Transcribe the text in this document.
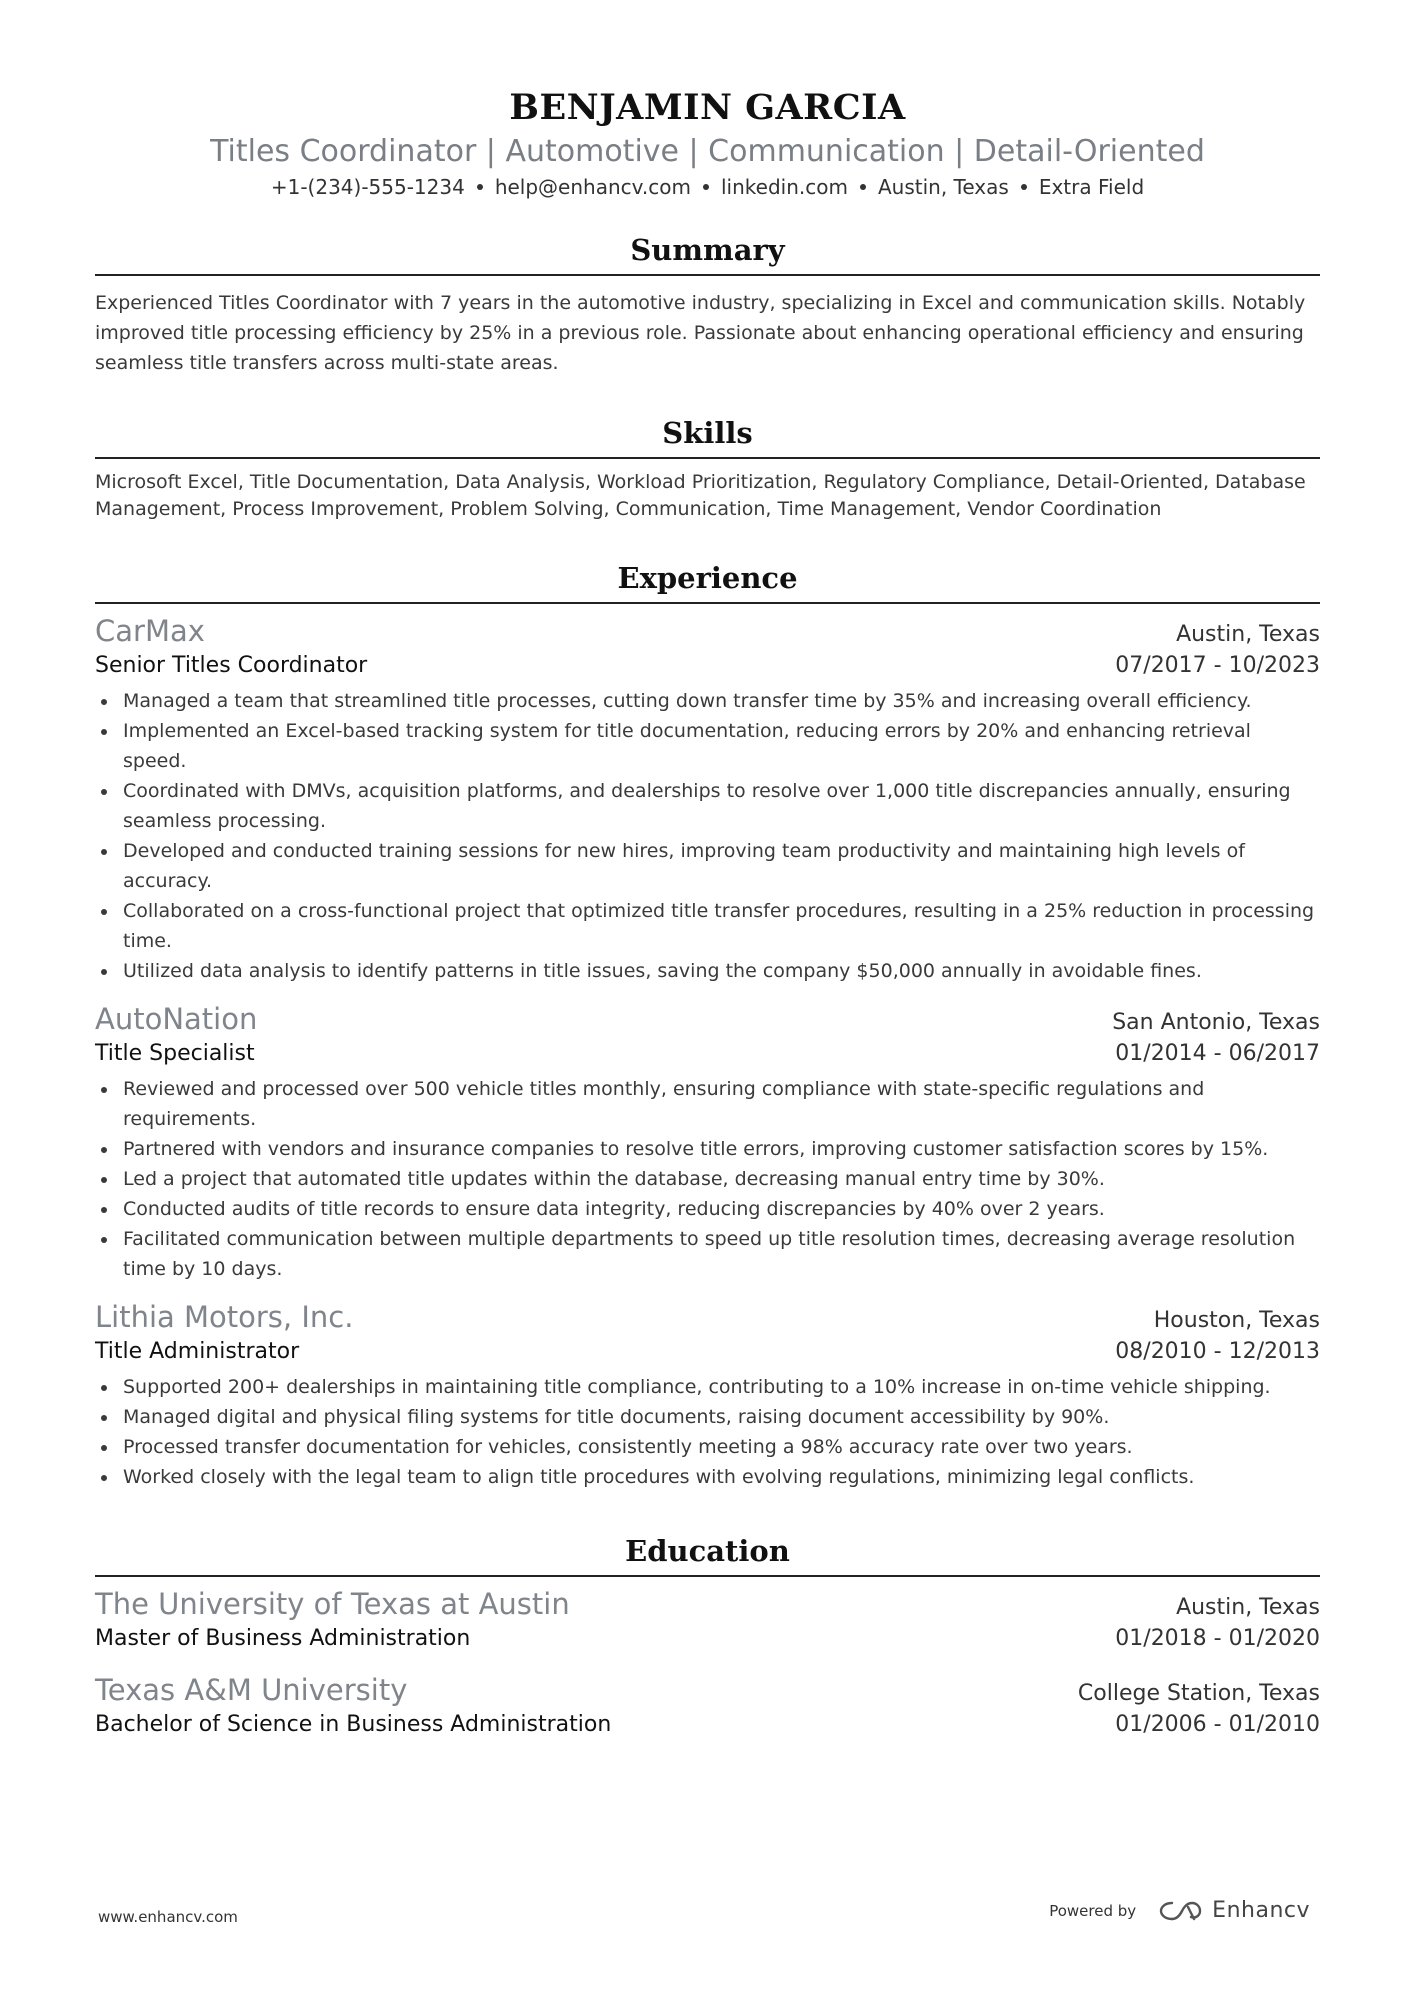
BENJAMIN GARCIA
Titles Coordinator | Automotive | Communication | Detail-Oriented
+1-(234)-555-1234 help@enhancv.com linkedin.com Austin, Texas Extra Field
Summary
Experienced Titles Coordinator with 7 years in the automotive industry, specializing in Excel and communication skills. Notably improved title processing efficiency by 25% in a previous role. Passionate about enhancing operational efficiency and ensuring seamless title transfers across multi-state areas.
Skills
Microsoft Excel, Title Documentation, Data Analysis, Workload Prioritization, Regulatory Compliance, Detail-Oriented, Database Management, Process Improvement, Problem Solving, Communication, Time Management, Vendor Coordination
Experience
CarMax	Austin, Texas
Senior Titles Coordinator	07/2017 - 10/2023
Managed a team that streamlined title processes, cutting down transfer time by 35% and increasing overall efficiency.
Implemented an Excel-based tracking system for title documentation, reducing errors by 20% and enhancing retrieval speed.
Coordinated with DMVs, acquisition platforms, and dealerships to resolve over 1,000 title discrepancies annually, ensuring seamless processing.
Developed and conducted training sessions for new hires, improving team productivity and maintaining high levels of accuracy.
Collaborated on a cross-functional project that optimized title transfer procedures, resulting in a 25% reduction in processing time.
Utilized data analysis to identify patterns in title issues, saving the company $50,000 annually in avoidable fines.
AutoNation	San Antonio, Texas
Title Specialist	01/2014 - 06/2017
Reviewed and processed over 500 vehicle titles monthly, ensuring compliance with state-specific regulations and requirements.
Partnered with vendors and insurance companies to resolve title errors, improving customer satisfaction scores by 15%.
Led a project that automated title updates within the database, decreasing manual entry time by 30%.
Conducted audits of title records to ensure data integrity, reducing discrepancies by 40% over 2 years.
Facilitated communication between multiple departments to speed up title resolution times, decreasing average resolution time by 10 days.
Lithia Motors, Inc.	Houston, Texas
Title Administrator	08/2010 - 12/2013
Supported 200+ dealerships in maintaining title compliance, contributing to a 10% increase in on-time vehicle shipping.
Managed digital and physical filing systems for title documents, raising document accessibility by 90%.
Processed transfer documentation for vehicles, consistently meeting a 98% accuracy rate over two years.
Worked closely with the legal team to align title procedures with evolving regulations, minimizing legal conflicts.
Education
The University of Texas at Austin	Austin, Texas
Master of Business Administration	01/2018 - 01/2020
Texas A&M University	College Station, Texas
Bachelor of Science in Business Administration	01/2006 - 01/2010
www.enhancv.com	Powered by	Enhancv
